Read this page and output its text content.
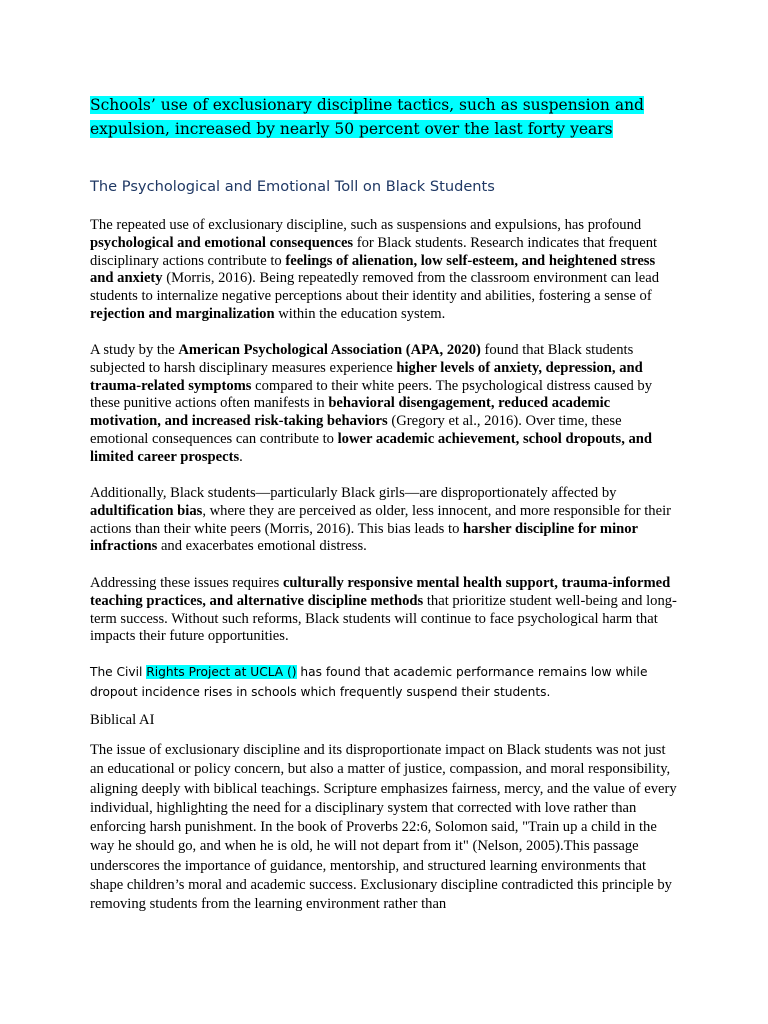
Schools’ use of exclusionary discipline tactics, such as suspension and
expulsion, increased by nearly 50 percent over the last forty years
The Psychological and Emotional Toll on Black Students

The repeated use of exclusionary discipline, such as suspensions and expulsions, has profound psychological and emotional consequences for Black students. Research indicates that frequent disciplinary actions contribute to feelings of alienation, low self-esteem, and heightened stress and anxiety (Morris, 2016). Being repeatedly removed from the classroom environment can lead students to internalize negative perceptions about their identity and abilities, fostering a sense of rejection and marginalization within the education system.

A study by the American Psychological Association (APA, 2020) found that Black students subjected to harsh disciplinary measures experience higher levels of anxiety, depression, and trauma-related symptoms compared to their white peers. The psychological distress caused by these punitive actions often manifests in behavioral disengagement, reduced academic motivation, and increased risk-taking behaviors (Gregory et al., 2016). Over time, these emotional consequences can contribute to lower academic achievement, school dropouts, and limited career prospects.

Additionally, Black students—particularly Black girls—are disproportionately affected by adultification bias, where they are perceived as older, less innocent, and more responsible for their actions than their white peers (Morris, 2016). This bias leads to harsher discipline for minor infractions and exacerbates emotional distress.

Addressing these issues requires culturally responsive mental health support, trauma-informed teaching practices, and alternative discipline methods that prioritize student well-being and long-term success. Without such reforms, Black students will continue to face psychological harm that impacts their future opportunities.

The Civil Rights Project at UCLA () has found that academic performance remains low while dropout incidence rises in schools which frequently suspend their students.

Biblical AI

The issue of exclusionary discipline and its disproportionate impact on Black students was not just an educational or policy concern, but also a matter of justice, compassion, and moral responsibility, aligning deeply with biblical teachings. Scripture emphasizes fairness, mercy, and the value of every individual, highlighting the need for a disciplinary system that corrected with love rather than enforcing harsh punishment. In the book of Proverbs 22:6, Solomon said, "Train up a child in the way he should go, and when he is old, he will not depart from it" (Nelson, 2005).This passage underscores the importance of guidance, mentorship, and structured learning environments that shape children’s moral and academic success. Exclusionary discipline contradicted this principle by removing students from the learning environment rather than
